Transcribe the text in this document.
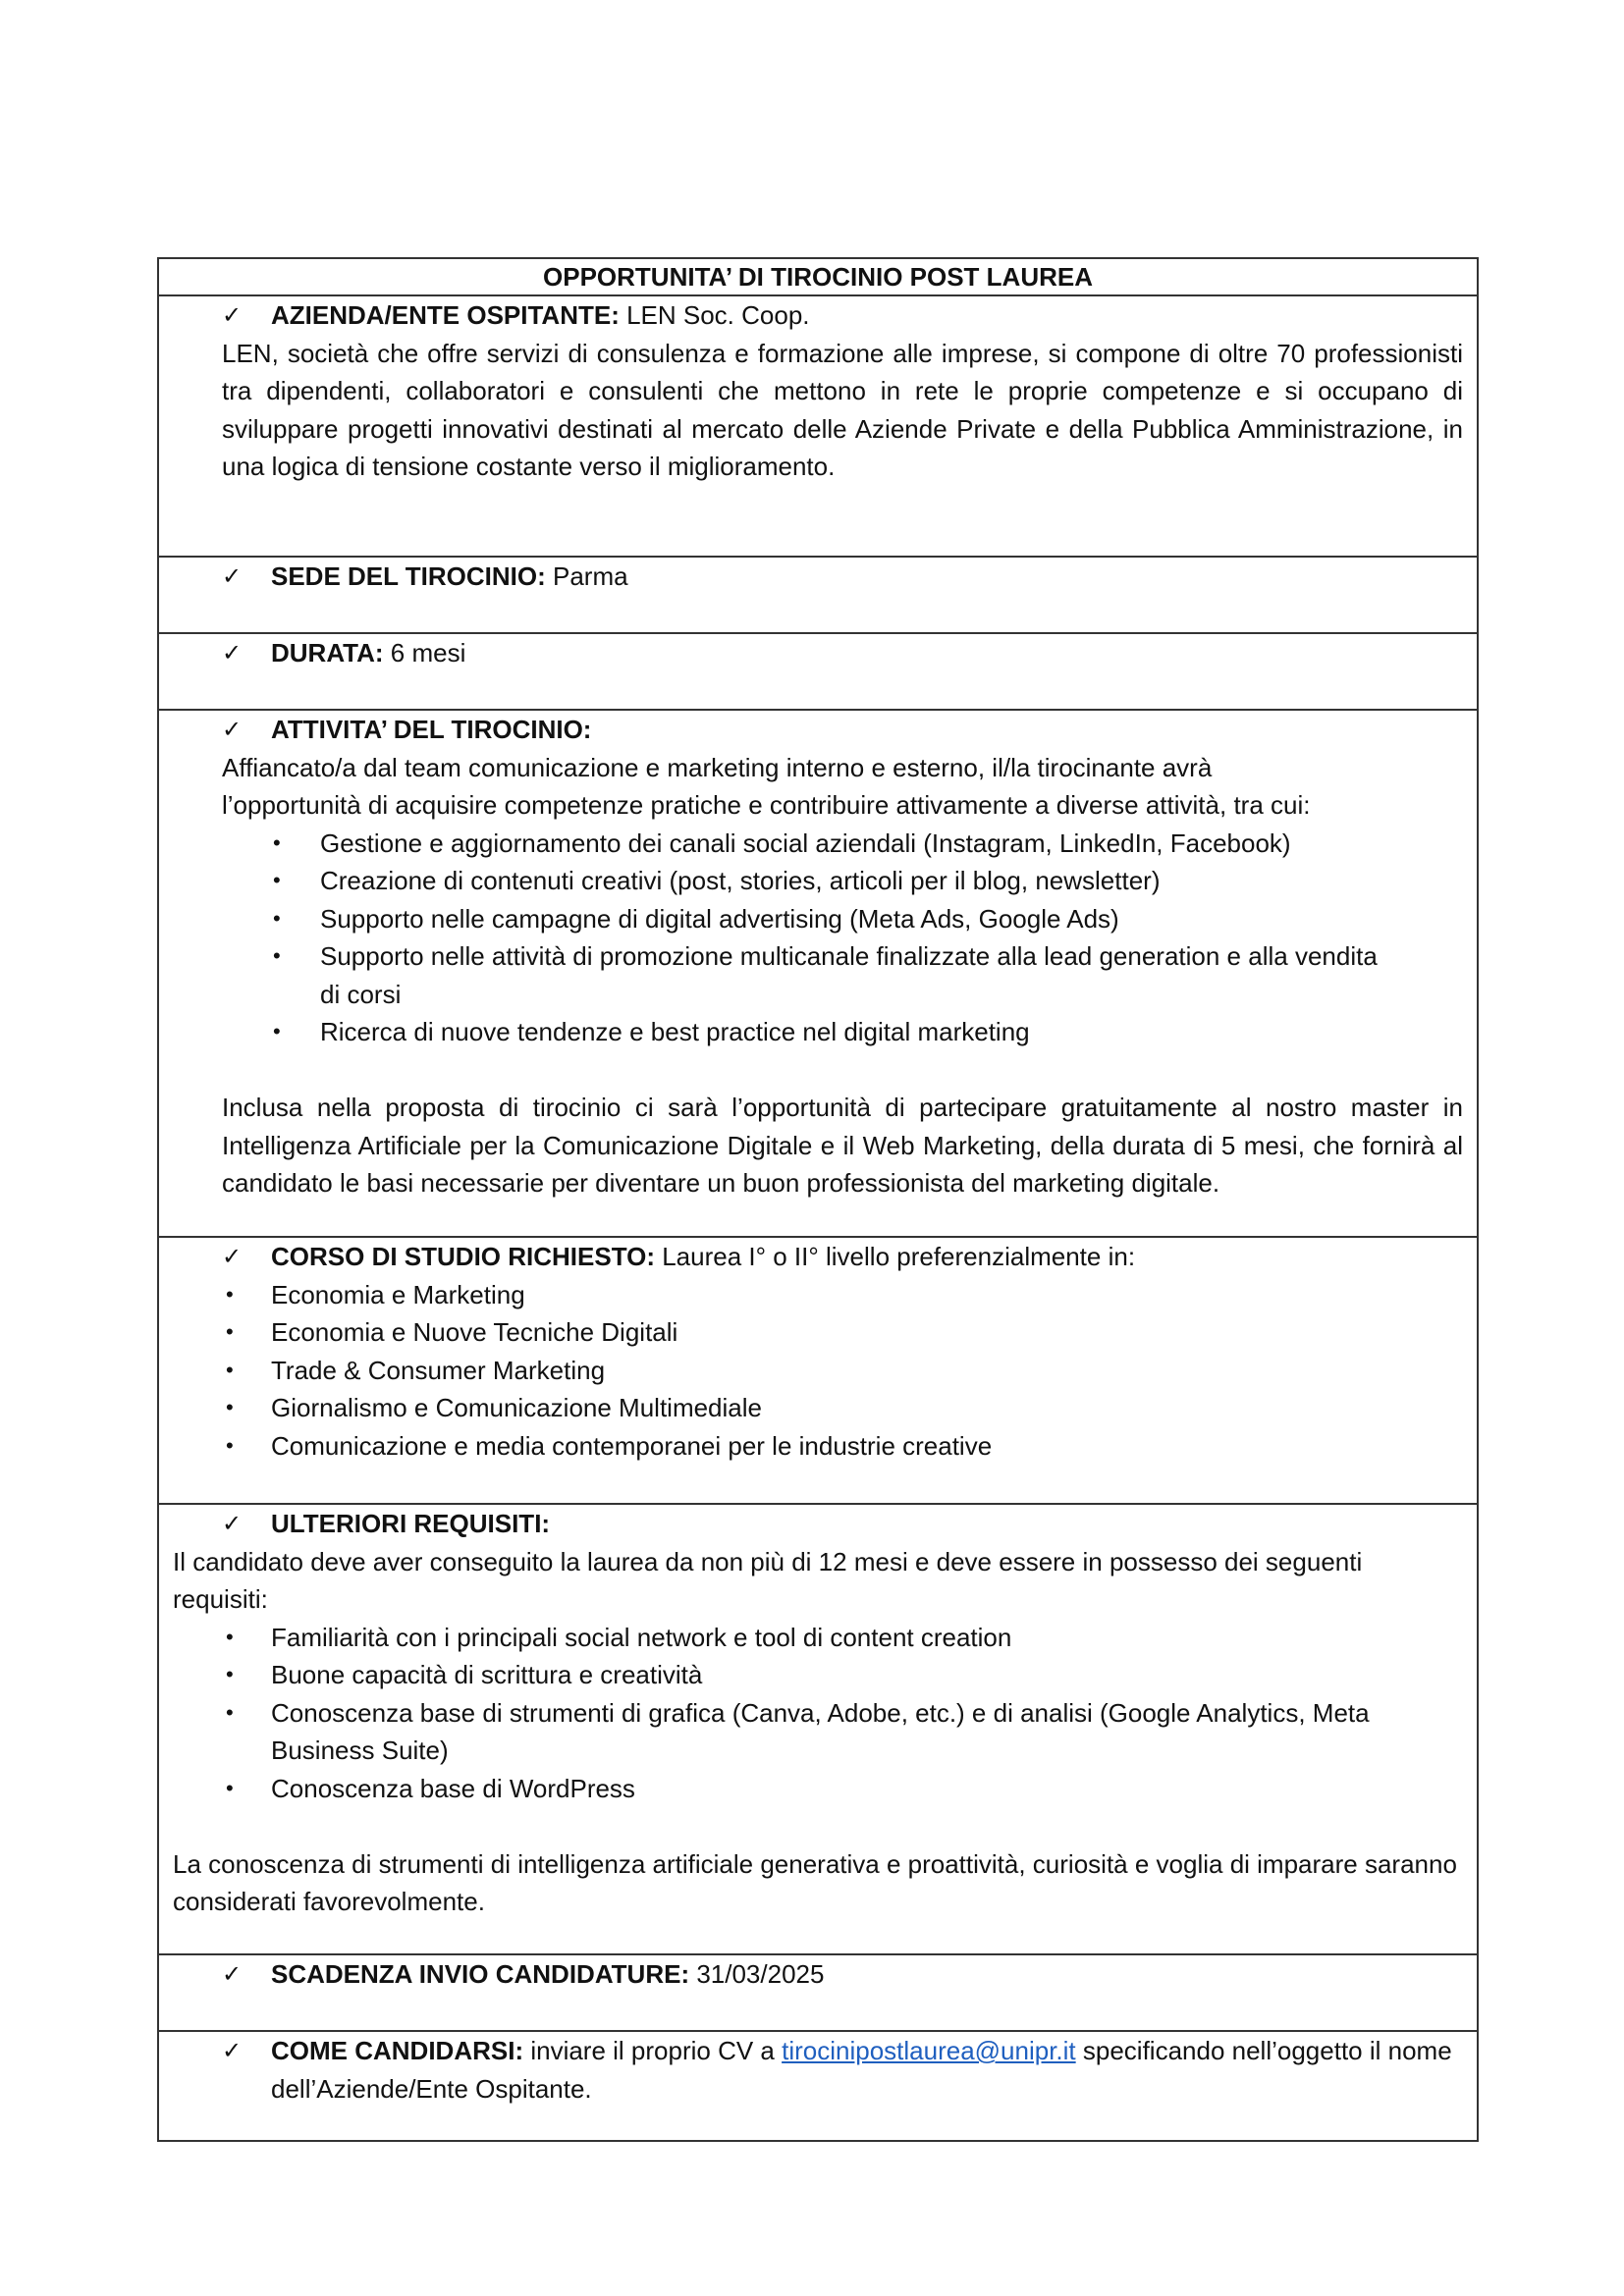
OPPORTUNITA’ DI TIROCINIO POST LAUREA
✓	AZIENDA/ENTE OSPITANTE: LEN Soc. Coop.
LEN, società che offre servizi di consulenza e formazione alle imprese, si compone di oltre 70 professionisti tra dipendenti, collaboratori e consulenti che mettono in rete le proprie competenze e si occupano di sviluppare progetti innovativi destinati al mercato delle Aziende Private e della Pubblica Amministrazione, in una logica di tensione costante verso il miglioramento.
✓	SEDE DEL TIROCINIO: Parma
✓	DURATA: 6 mesi
✓	ATTIVITA’ DEL TIROCINIO:
Affiancato/a dal team comunicazione e marketing interno e esterno, il/la tirocinante avrà
l’opportunità di acquisire competenze pratiche e contribuire attivamente a diverse attività, tra cui:
• Gestione e aggiornamento dei canali social aziendali (Instagram, LinkedIn, Facebook)
• Creazione di contenuti creativi (post, stories, articoli per il blog, newsletter)
• Supporto nelle campagne di digital advertising (Meta Ads, Google Ads)
• Supporto nelle attività di promozione multicanale finalizzate alla lead generation e alla vendita di corsi
• Ricerca di nuove tendenze e best practice nel digital marketing
Inclusa nella proposta di tirocinio ci sarà l’opportunità di partecipare gratuitamente al nostro master in Intelligenza Artificiale per la Comunicazione Digitale e il Web Marketing, della durata di 5 mesi, che fornirà al candidato le basi necessarie per diventare un buon professionista del marketing digitale.
✓	CORSO DI STUDIO RICHIESTO: Laurea I° o II° livello preferenzialmente in:
• Economia e Marketing
• Economia e Nuove Tecniche Digitali
• Trade & Consumer Marketing
• Giornalismo e Comunicazione Multimediale
• Comunicazione e media contemporanei per le industrie creative
✓	ULTERIORI REQUISITI:
Il candidato deve aver conseguito la laurea da non più di 12 mesi e deve essere in possesso dei seguenti requisiti:
• Familiarità con i principali social network e tool di content creation
• Buone capacità di scrittura e creatività
• Conoscenza base di strumenti di grafica (Canva, Adobe, etc.) e di analisi (Google Analytics, Meta Business Suite)
• Conoscenza base di WordPress
La conoscenza di strumenti di intelligenza artificiale generativa e proattività, curiosità e voglia di imparare saranno considerati favorevolmente.
✓	SCADENZA INVIO CANDIDATURE: 31/03/2025
✓	COME CANDIDARSI: inviare il proprio CV a tirocinipostlaurea@unipr.it specificando nell’oggetto il nome dell’Aziende/Ente Ospitante.
